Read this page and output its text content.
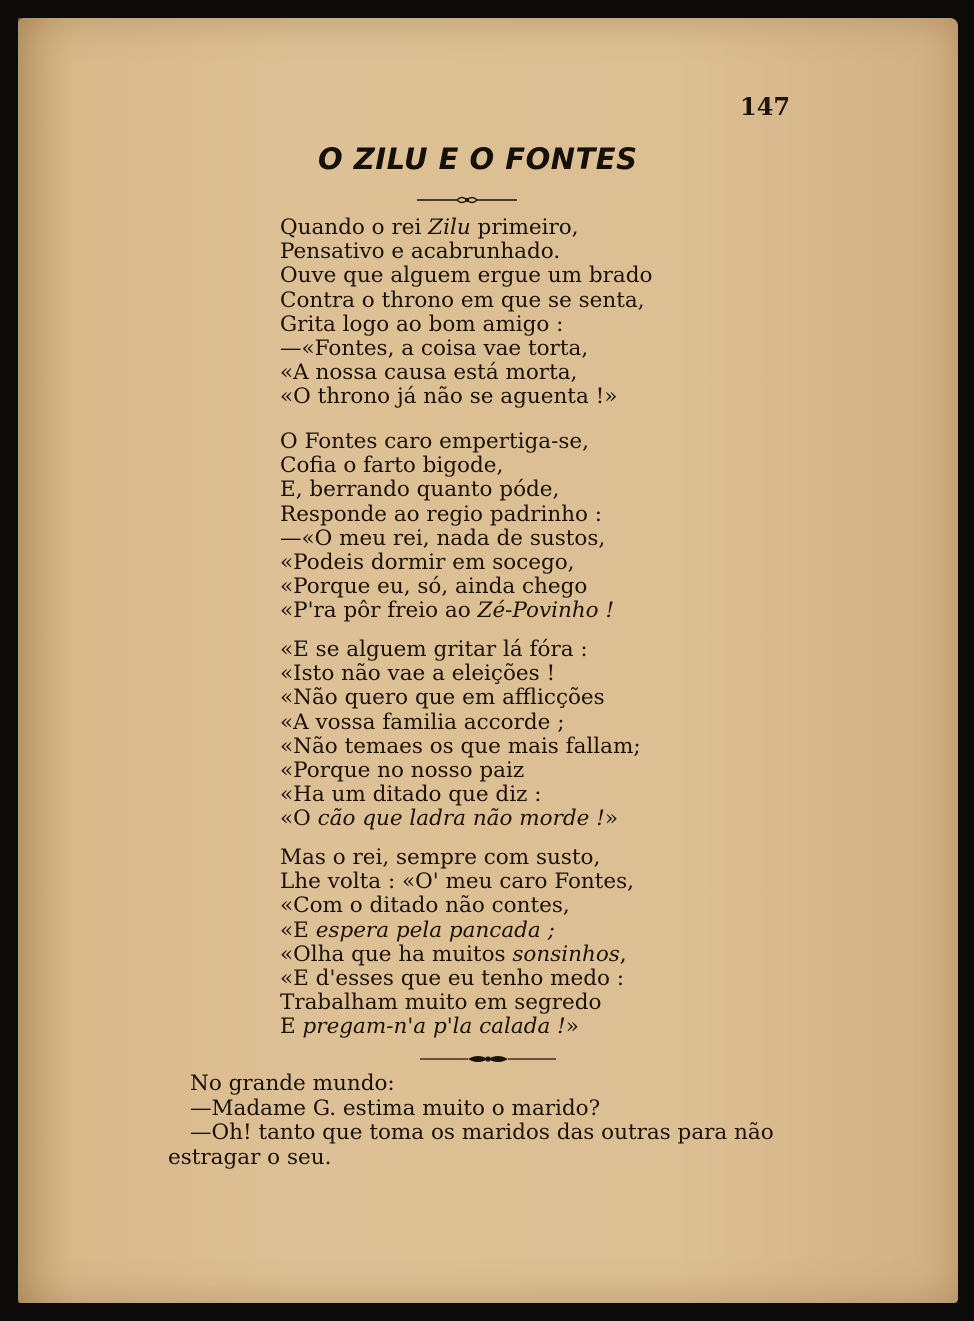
147
O ZILU E O FONTES
Quando o rei Zilu primeiro,
Pensativo e acabrunhado.
Ouve que alguem ergue um brado
Contra o throno em que se senta,
Grita logo ao bom amigo :
—«Fontes, a coisa vae torta,
«A nossa causa está morta,
«O throno já não se aguenta !»
O Fontes caro empertiga-se,
Cofia o farto bigode,
E, berrando quanto póde,
Responde ao regio padrinho :
—«O meu rei, nada de sustos,
«Podeis dormir em socego,
«Porque eu, só, ainda chego
«P'ra pôr freio ao Zé-Povinho !
«E se alguem gritar lá fóra :
«Isto não vae a eleições !
«Não quero que em afflicções
«A vossa familia accorde ;
«Não temaes os que mais fallam;
«Porque no nosso paiz
«Ha um ditado que diz :
«O cão que ladra não morde !»
Mas o rei, sempre com susto,
Lhe volta : «O' meu caro Fontes,
«Com o ditado não contes,
«E espera pela pancada ;
«Olha que ha muitos sonsinhos,
«E d'esses que eu tenho medo :
Trabalham muito em segredo
E pregam-n'a p'la calada !»
No grande mundo:
—Madame G. estima muito o marido?
—Oh! tanto que toma os maridos das outras para não
estragar o seu.
